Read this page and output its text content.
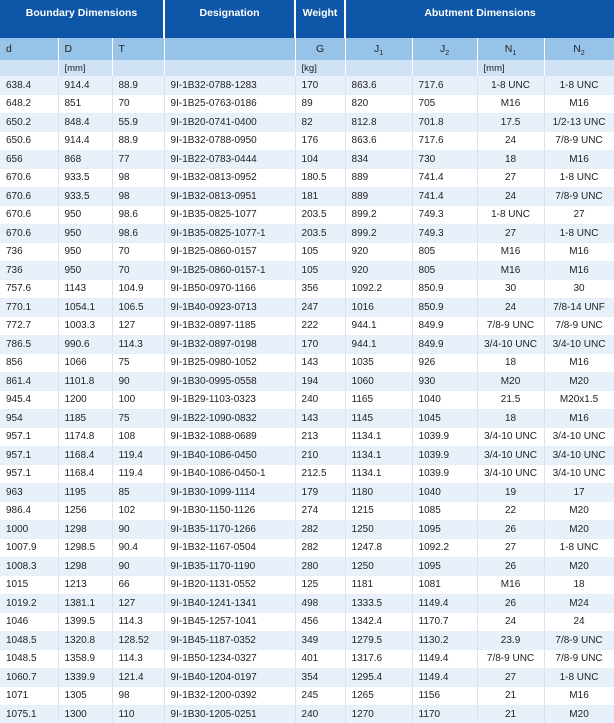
Boundary Dimensions			Designation	Weight	Abutment Dimensions			
d	D	T		G	$J_1$	$J_2$	$N_1$	$N_2$
	[mm]			[kg]			[mm]	
638.4	914.4	88.9	9I-1B32-0788-1283	170	863.6	717.6	1-8 UNC	1-8 UNC
648.2	851	70	9I-1B25-0763-0186	89	820	705	M16	M16
650.2	848.4	55.9	9I-1B20-0741-0400	82	812.8	701.8	17.5	1/2-13 UNC
650.6	914.4	88.9	9I-1B32-0788-0950	176	863.6	717.6	24	7/8-9 UNC
656	868	77	9I-1B22-0783-0444	104	834	730	18	M16
670.6	933.5	98	9I-1B32-0813-0952	180.5	889	741.4	27	1-8 UNC
670.6	933.5	98	9I-1B32-0813-0951	181	889	741.4	24	7/8-9 UNC
670.6	950	98.6	9I-1B35-0825-1077	203.5	899.2	749.3	1-8 UNC	27
670.6	950	98.6	9I-1B35-0825-1077-1	203.5	899.2	749.3	27	1-8 UNC
736	950	70	9I-1B25-0860-0157	105	920	805	M16	M16
736	950	70	9I-1B25-0860-0157-1	105	920	805	M16	M16
757.6	1143	104.9	9I-1B50-0970-1166	356	1092.2	850.9	30	30
770.1	1054.1	106.5	9I-1B40-0923-0713	247	1016	850.9	24	7/8-14 UNF
772.7	1003.3	127	9I-1B32-0897-1185	222	944.1	849.9	7/8-9 UNC	7/8-9 UNC
786.5	990.6	114.3	9I-1B32-0897-0198	170	944.1	849.9	3/4-10 UNC	3/4-10 UNC
856	1066	75	9I-1B25-0980-1052	143	1035	926	18	M16
861.4	1101.8	90	9I-1B30-0995-0558	194	1060	930	M20	M20
945.4	1200	100	9I-1B29-1103-0323	240	1165	1040	21.5	M20x1.5
954	1185	75	9I-1B22-1090-0832	143	1145	1045	18	M16
957.1	1174.8	108	9I-1B32-1088-0689	213	1134.1	1039.9	3/4-10 UNC	3/4-10 UNC
957.1	1168.4	119.4	9I-1B40-1086-0450	210	1134.1	1039.9	3/4-10 UNC	3/4-10 UNC
957.1	1168.4	119.4	9I-1B40-1086-0450-1	212.5	1134.1	1039.9	3/4-10 UNC	3/4-10 UNC
963	1195	85	9I-1B30-1099-1114	179	1180	1040	19	17
986.4	1256	102	9I-1B30-1150-1126	274	1215	1085	22	M20
1000	1298	90	9I-1B35-1170-1266	282	1250	1095	26	M20
1007.9	1298.5	90.4	9I-1B32-1167-0504	282	1247.8	1092.2	27	1-8 UNC
1008.3	1298	90	9I-1B35-1170-1190	280	1250	1095	26	M20
1015	1213	66	9I-1B20-1131-0552	125	1181	1081	M16	18
1019.2	1381.1	127	9I-1B40-1241-1341	498	1333.5	1149.4	26	M24
1046	1399.5	114.3	9I-1B45-1257-1041	456	1342.4	1170.7	24	24
1048.5	1320.8	128.52	9I-1B45-1187-0352	349	1279.5	1130.2	23.9	7/8-9 UNC
1048.5	1358.9	114.3	9I-1B50-1234-0327	401	1317.6	1149.4	7/8-9 UNC	7/8-9 UNC
1060.7	1339.9	121.4	9I-1B40-1204-0197	354	1295.4	1149.4	27	1-8 UNC
1071	1305	98	9I-1B32-1200-0392	245	1265	1156	21	M16
1075.1	1300	110	9I-1B30-1205-0251	240	1270	1170	21	M20
